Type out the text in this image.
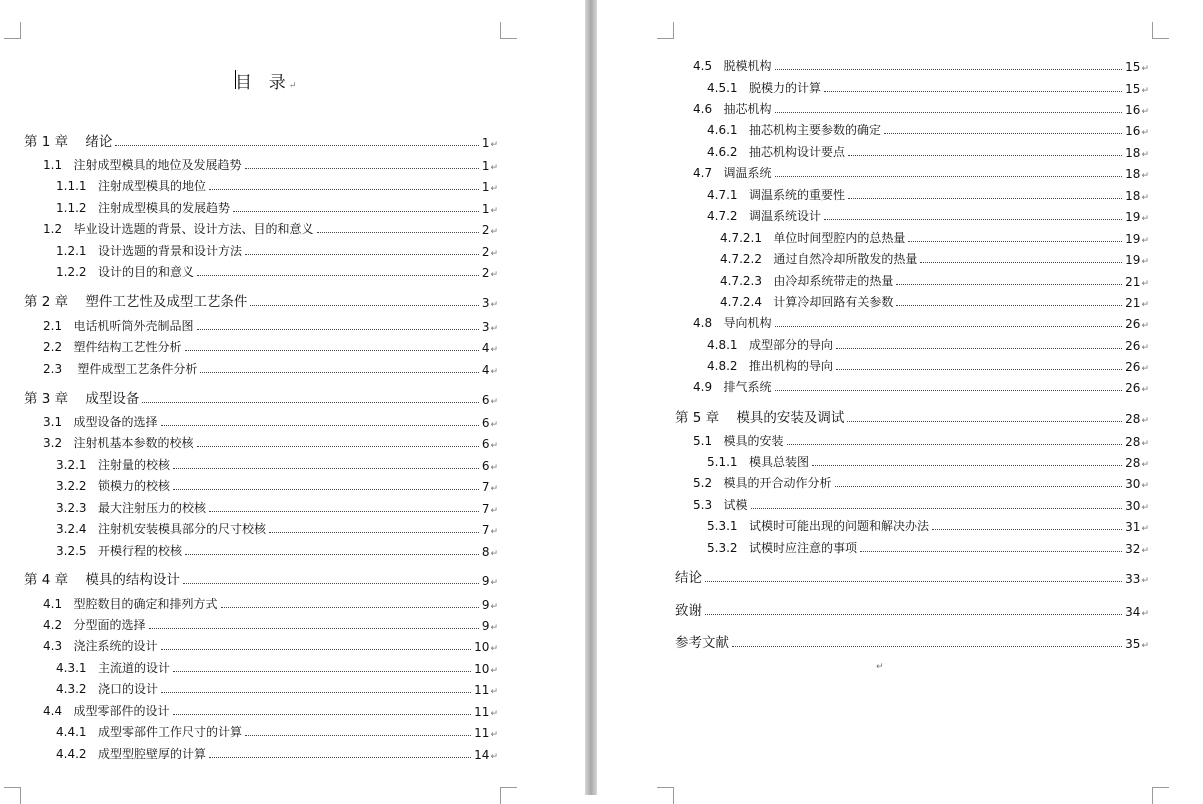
目  录↵
第 1 章    绪论	1 ↵
1.1   注射成型模具的地位及发展趋势	1 ↵
1.1.1   注射成型模具的地位	1 ↵
1.1.2   注射成型模具的发展趋势	1 ↵
1.2   毕业设计选题的背景、设计方法、目的和意义	2 ↵
1.2.1   设计选题的背景和设计方法	2 ↵
1.2.2   设计的目的和意义	2 ↵
第 2 章    塑件工艺性及成型工艺条件	3 ↵
2.1   电话机听筒外壳制品图	3 ↵
2.2   塑件结构工艺性分析	4 ↵
2.3    塑件成型工艺条件分析	4 ↵
第 3 章    成型设备	6 ↵
3.1   成型设备的选择	6 ↵
3.2   注射机基本参数的校核	6 ↵
3.2.1   注射量的校核	6 ↵
3.2.2   锁模力的校核	7 ↵
3.2.3   最大注射压力的校核	7 ↵
3.2.4   注射机安装模具部分的尺寸校核	7 ↵
3.2.5   开模行程的校核	8 ↵
第 4 章    模具的结构设计	9 ↵
4.1   型腔数目的确定和排列方式	9 ↵
4.2   分型面的选择	9 ↵
4.3   浇注系统的设计	10 ↵
4.3.1   主流道的设计	10 ↵
4.3.2   浇口的设计	11 ↵
4.4   成型零部件的设计	11 ↵
4.4.1   成型零部件工作尺寸的计算	11 ↵
4.4.2   成型型腔壁厚的计算	14 ↵
↵
4.5   脱模机构	15 ↵
4.5.1   脱模力的计算	15 ↵
4.6   抽芯机构	16 ↵
4.6.1   抽芯机构主要参数的确定	16 ↵
4.6.2   抽芯机构设计要点	18 ↵
4.7   调温系统	18 ↵
4.7.1   调温系统的重要性	18 ↵
4.7.2   调温系统设计	19 ↵
4.7.2.1   单位时间型腔内的总热量	19 ↵
4.7.2.2   通过自然冷却所散发的热量	19 ↵
4.7.2.3   由冷却系统带走的热量	21 ↵
4.7.2.4   计算冷却回路有关参数	21 ↵
4.8   导向机构	26 ↵
4.8.1   成型部分的导向	26 ↵
4.8.2   推出机构的导向	26 ↵
4.9   排气系统	26 ↵
第 5 章    模具的安装及调试	28 ↵
5.1   模具的安装	28 ↵
5.1.1   模具总装图	28 ↵
5.2   模具的开合动作分析	30 ↵
5.3   试模	30 ↵
5.3.1   试模时可能出现的问题和解决办法	31 ↵
5.3.2   试模时应注意的事项	32 ↵
结论	33 ↵
致谢	34 ↵
参考文献	35 ↵
